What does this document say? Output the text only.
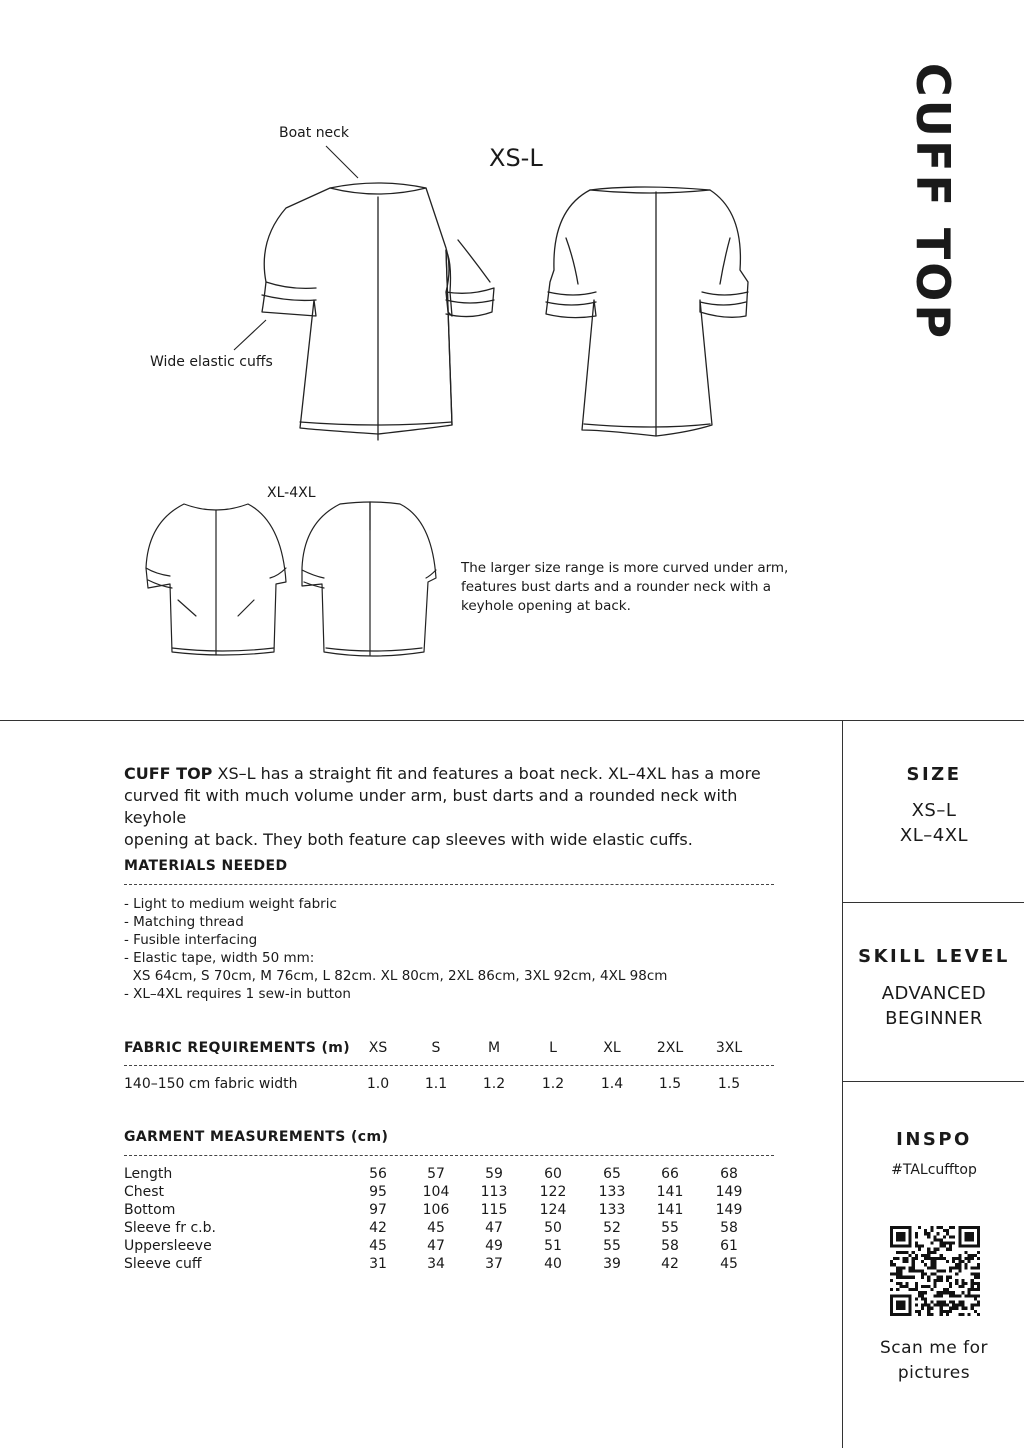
CUFF TOP
Boat neck
XS-L
Wide elastic cuffs
XL-4XL
The larger size range is more curved under arm,
features bust darts and a rounder neck with a
keyhole opening at back.
CUFF TOP XS–L has a straight fit and features a boat neck. XL–4XL has a more
curved fit with much volume under arm, bust darts and a rounded neck with keyhole
opening at back. They both feature cap sleeves with wide elastic cuffs.
MATERIALS NEEDED
- Light to medium weight fabric
- Matching thread
- Fusible interfacing
- Elastic tape, width 50 mm:
XS 64cm, S 70cm, M 76cm, L 82cm. XL 80cm, 2XL 86cm, 3XL 92cm, 4XL 98cm
- XL–4XL requires 1 sew-in button
FABRIC REQUIREMENTS (m)	XS	S	M	L	XL	2XL	3XL
140–150 cm fabric width	1.0	1.1	1.2	1.2	1.4	1.5	1.5
GARMENT MEASUREMENTS (cm)
Length	56	57	59	60	65	66	68
Chest	95	104	113	122	133	141	149
Bottom	97	106	115	124	133	141	149
Sleeve fr c.b.	42	45	47	50	52	55	58
Uppersleeve	45	47	49	51	55	58	61
Sleeve cuff	31	34	37	40	39	42	45
SIZE
XS–L
XL–4XL
SKILL LEVEL
ADVANCED
BEGINNER
INSPO
#TALcufftop
Scan me for
pictures
